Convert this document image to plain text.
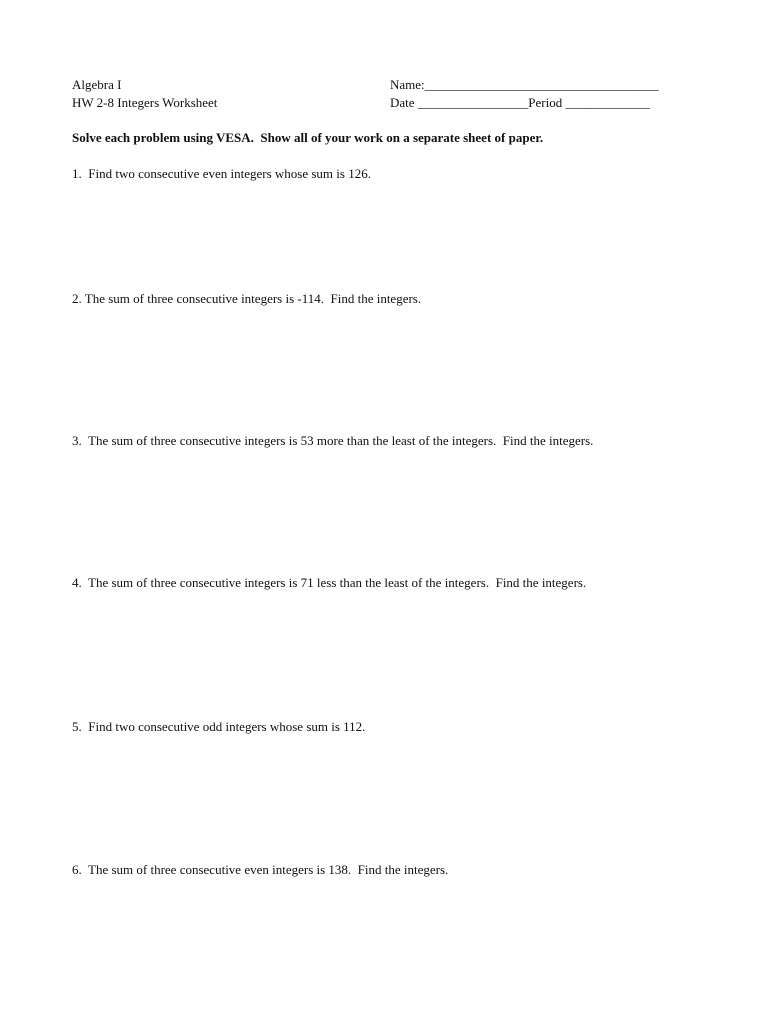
Algebra I
HW 2-8 Integers Worksheet
Name:____________________________________
Date _________________Period _____________
Solve each problem using VESA.  Show all of your work on a separate sheet of paper.
1.  Find two consecutive even integers whose sum is 126.
2. The sum of three consecutive integers is -114.  Find the integers.
3.  The sum of three consecutive integers is 53 more than the least of the integers.  Find the integers.
4.  The sum of three consecutive integers is 71 less than the least of the integers.  Find the integers.
5.  Find two consecutive odd integers whose sum is 112.
6.  The sum of three consecutive even integers is 138.  Find the integers.
